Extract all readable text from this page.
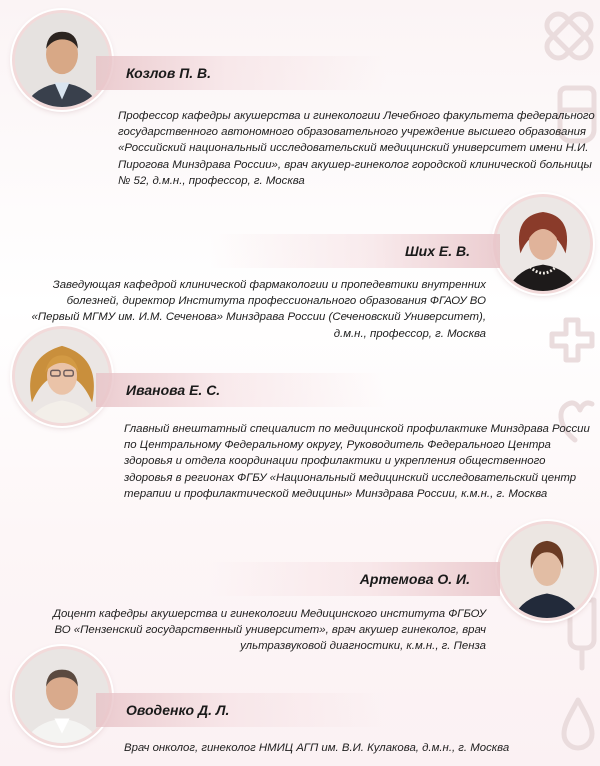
Козлов П. В.
Профессор кафедры акушерства и гинекологии Лечебного факультета федерального государственного автономного образовательного учреждение высшего образования «Российский национальный исследовательский медицинский университет имени Н.И. Пирогова Минздрава России», врач акушер-гинеколог городской клинической больницы № 52, д.м.н., профессор, г. Москва
Ших Е. В.
Заведующая кафедрой клинической фармакологии и пропедевтики внутренних болезней, директор Института профессионального образования ФГАОУ ВО «Первый МГМУ им. И.М. Сеченова» Минздрава России (Сеченовский Университет), д.м.н., профессор, г. Москва
Иванова Е. С.
Главный внештатный специалист по медицинской профилактике Минздрава России по Центральному Федеральному округу, Руководитель Федерального Центра здоровья и отдела координации профилактики и укрепления общественного здоровья в регионах ФГБУ «Национальный медицинский исследовательский центр терапии и профилактической медицины» Минздрава России, к.м.н., г. Москва
Артемова О. И.
Доцент кафедры акушерства и гинекологии Медицинского института ФГБОУ ВО «Пензенский государственный университет», врач акушер гинеколог, врач ультразвуковой диагностики, к.м.н., г. Пенза
Оводенко Д. Л.
Врач онколог, гинеколог НМИЦ АГП им. В.И. Кулакова, д.м.н., г. Москва
